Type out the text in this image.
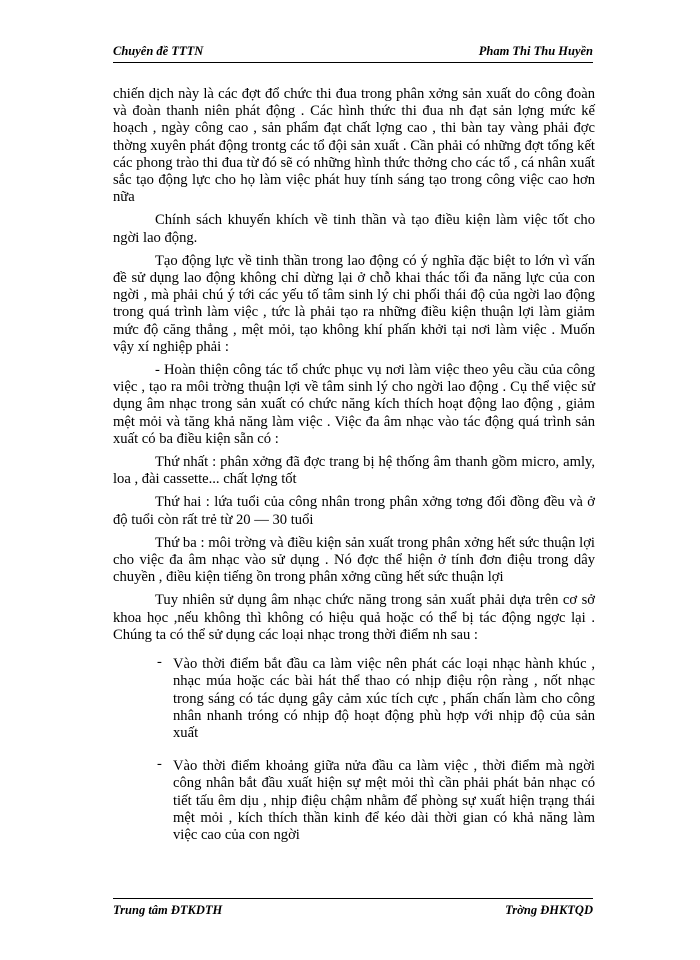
Chuyên đề TTTN	Pham Thi Thu Huyền

chiến dịch này là các đợt đổ chức thi đua trong phân xởng sản xuất do công đoàn và đoàn thanh niên phát động . Các hình thức thi đua nh đạt sản lợng mức kế hoạch , ngày công cao , sản phẩm đạt chất lợng cao , thi bàn tay vàng phải đợc thờng xuyên phát động trontg các tổ đội sản xuất . Cần phải có những đợt tổng kết các phong trào thi đua từ đó sẽ có những hình thức thởng cho các tổ , cá nhân xuất sắc tạo động lực cho họ làm việc phát huy tính sáng tạo trong công việc cao hơn nữa

Chính sách khuyến khích về tinh thần và tạo điều kiện làm việc tốt cho ngời lao động.

Tạo động lực về tinh thần trong lao động có ý nghĩa đặc biệt to lớn vì vấn đề sử dụng lao động không chỉ dừng lại ở chỗ khai thác tối đa năng lực của con ngời , mà phải chú ý tới các yếu tố tâm sinh lý chi phối thái độ của ngời lao động trong quá trình làm việc , tức là phải tạo ra những điều kiện thuận lợi làm giảm mức độ căng thẳng , mệt mỏi, tạo không khí phấn khởi tại nơi làm việc . Muốn vậy xí nghiệp phải :

- Hoàn thiện công tác tổ chức phục vụ nơi làm việc theo yêu cầu của công việc , tạo ra môi trờng thuận lợi về tâm sinh lý cho ngời lao động . Cụ thể việc sử dụng âm nhạc trong sản xuất có chức năng kích thích hoạt động lao động , giảm mệt mỏi và tăng khả năng làm việc . Việc đa âm nhạc vào tác động quá trình sản xuất có ba điều kiện sẵn có :

Thứ nhất : phân xởng đã đợc trang bị hệ thống âm thanh gồm micro, amly, loa , đài cassette... chất lợng tốt

Thứ hai : lứa tuổi của công nhân trong phân xởng tơng đối đồng đều và ở độ tuổi còn rất trẻ từ 20 — 30 tuổi

Thứ ba : môi trờng và điều kiện sản xuất trong phân xởng hết sức thuận lợi cho việc đa âm nhạc vào sử dụng . Nó đợc thể hiện ở tính đơn điệu trong dây chuyền , điều kiện tiếng ồn trong phân xởng cũng hết sức thuận lợi

Tuy nhiên sử dụng âm nhạc chức năng trong sản xuất phải dựa trên cơ sở khoa học ,nếu không thì không có hiệu quả hoặc có thể bị tác động ngợc lại . Chúng ta có thể sử dụng các loại nhạc trong thời điểm nh sau :

- Vào thời điểm bắt đầu ca làm việc nên phát các loại nhạc hành khúc , nhạc múa hoặc các bài hát thể thao có nhịp điệu rộn ràng , nốt nhạc trong sáng có tác dụng gây cảm xúc tích cực , phấn chấn làm cho công nhân nhanh tróng có nhịp độ hoạt động phù hợp với nhịp độ của sản xuất
- Vào thời điểm khoảng giữa nửa đầu ca làm việc , thời điểm mà ngời công nhân bắt đầu xuất hiện sự mệt mỏi thì cần phải phát bản nhạc có tiết tấu êm dịu , nhịp điệu chậm nhằm để phòng sự xuất hiện trạng thái mệt mỏi , kích thích thần kinh để kéo dài thời gian có khả năng làm việc cao của con ngời
Trung tâm ĐTKDTH	Trờng ĐHKTQD
